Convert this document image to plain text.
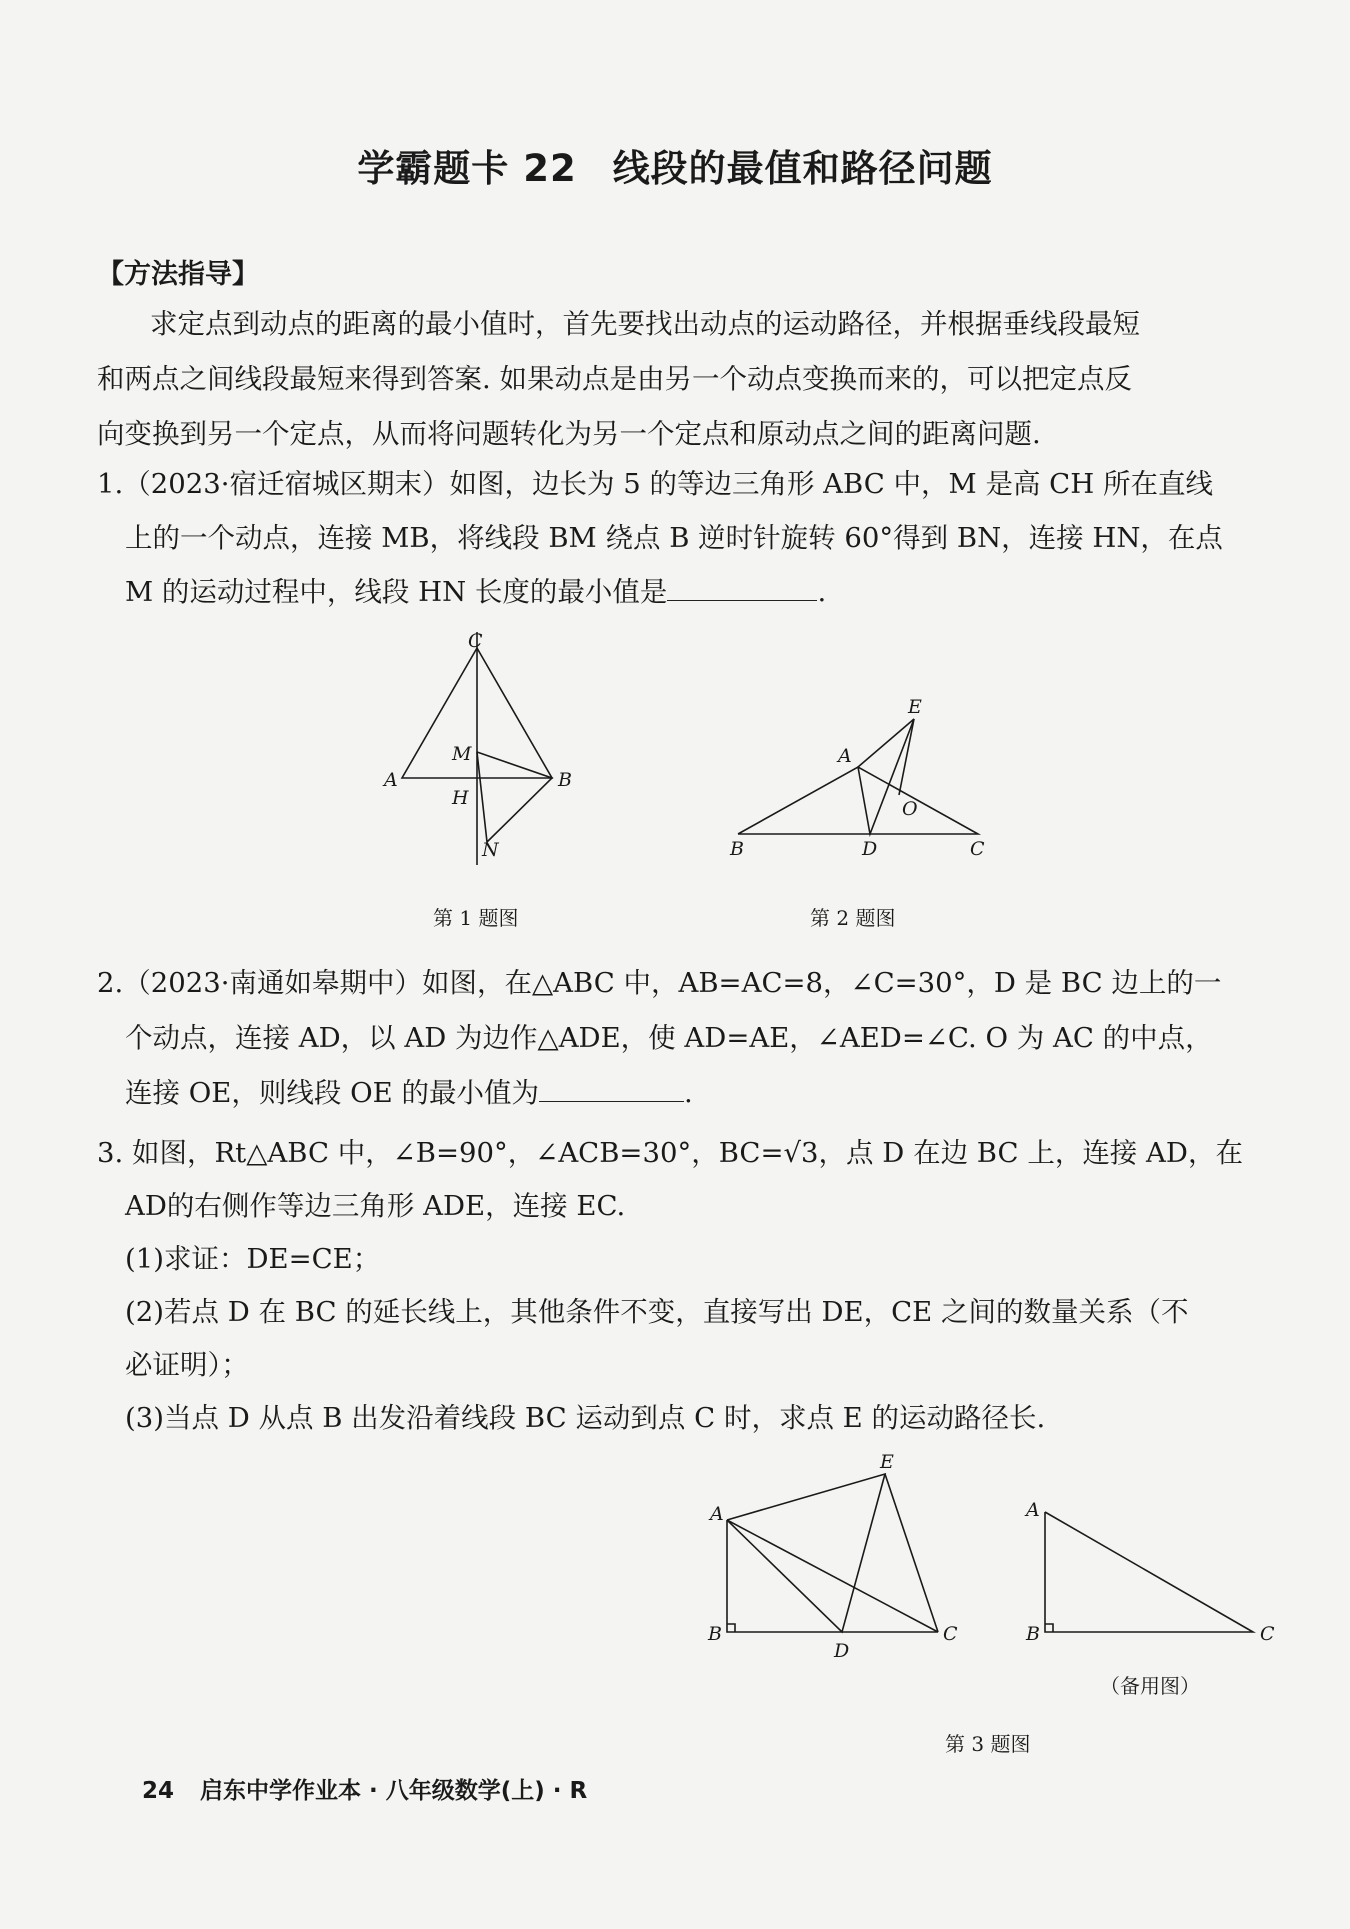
学霸题卡 22 线段的最值和路径问题
【方法指导】
求定点到动点的距离的最小值时，首先要找出动点的运动路径，并根据垂线段最短
和两点之间线段最短来得到答案. 如果动点是由另一个动点变换而来的，可以把定点反
向变换到另一个定点，从而将问题转化为另一个定点和原动点之间的距离问题.
1.（2023·宿迁宿城区期末）如图，边长为 5 的等边三角形 ABC 中，M 是高 CH 所在直线
上的一个动点，连接 MB，将线段 BM 绕点 B 逆时针旋转 60°得到 BN，连接 HN，在点
M 的运动过程中，线段 HN 长度的最小值是	.
C
M
A	B
H
N
第 1 题图
E
A
O
B	D	C
第 2 题图
2.（2023·南通如皋期中）如图，在△ABC 中，AB=AC=8，∠C=30°，D 是 BC 边上的一
个动点，连接 AD，以 AD 为边作△ADE，使 AD=AE，∠AED=∠C. O 为 AC 的中点，
连接 OE，则线段 OE 的最小值为	.
3. 如图，Rt△ABC 中，∠B=90°，∠ACB=30°，BC=√3，点 D 在边 BC 上，连接 AD，在
AD的右侧作等边三角形 ADE，连接 EC.
(1)求证：DE=CE；
(2)若点 D 在 BC 的延长线上，其他条件不变，直接写出 DE，CE 之间的数量关系（不
必证明）；
(3)当点 D 从点 B 出发沿着线段 BC 运动到点 C 时，求点 E 的运动路径长.
E
A
B
D
C
A
B	C
（备用图）
第 3 题图
24 启东中学作业本 · 八年级数学(上) · R
